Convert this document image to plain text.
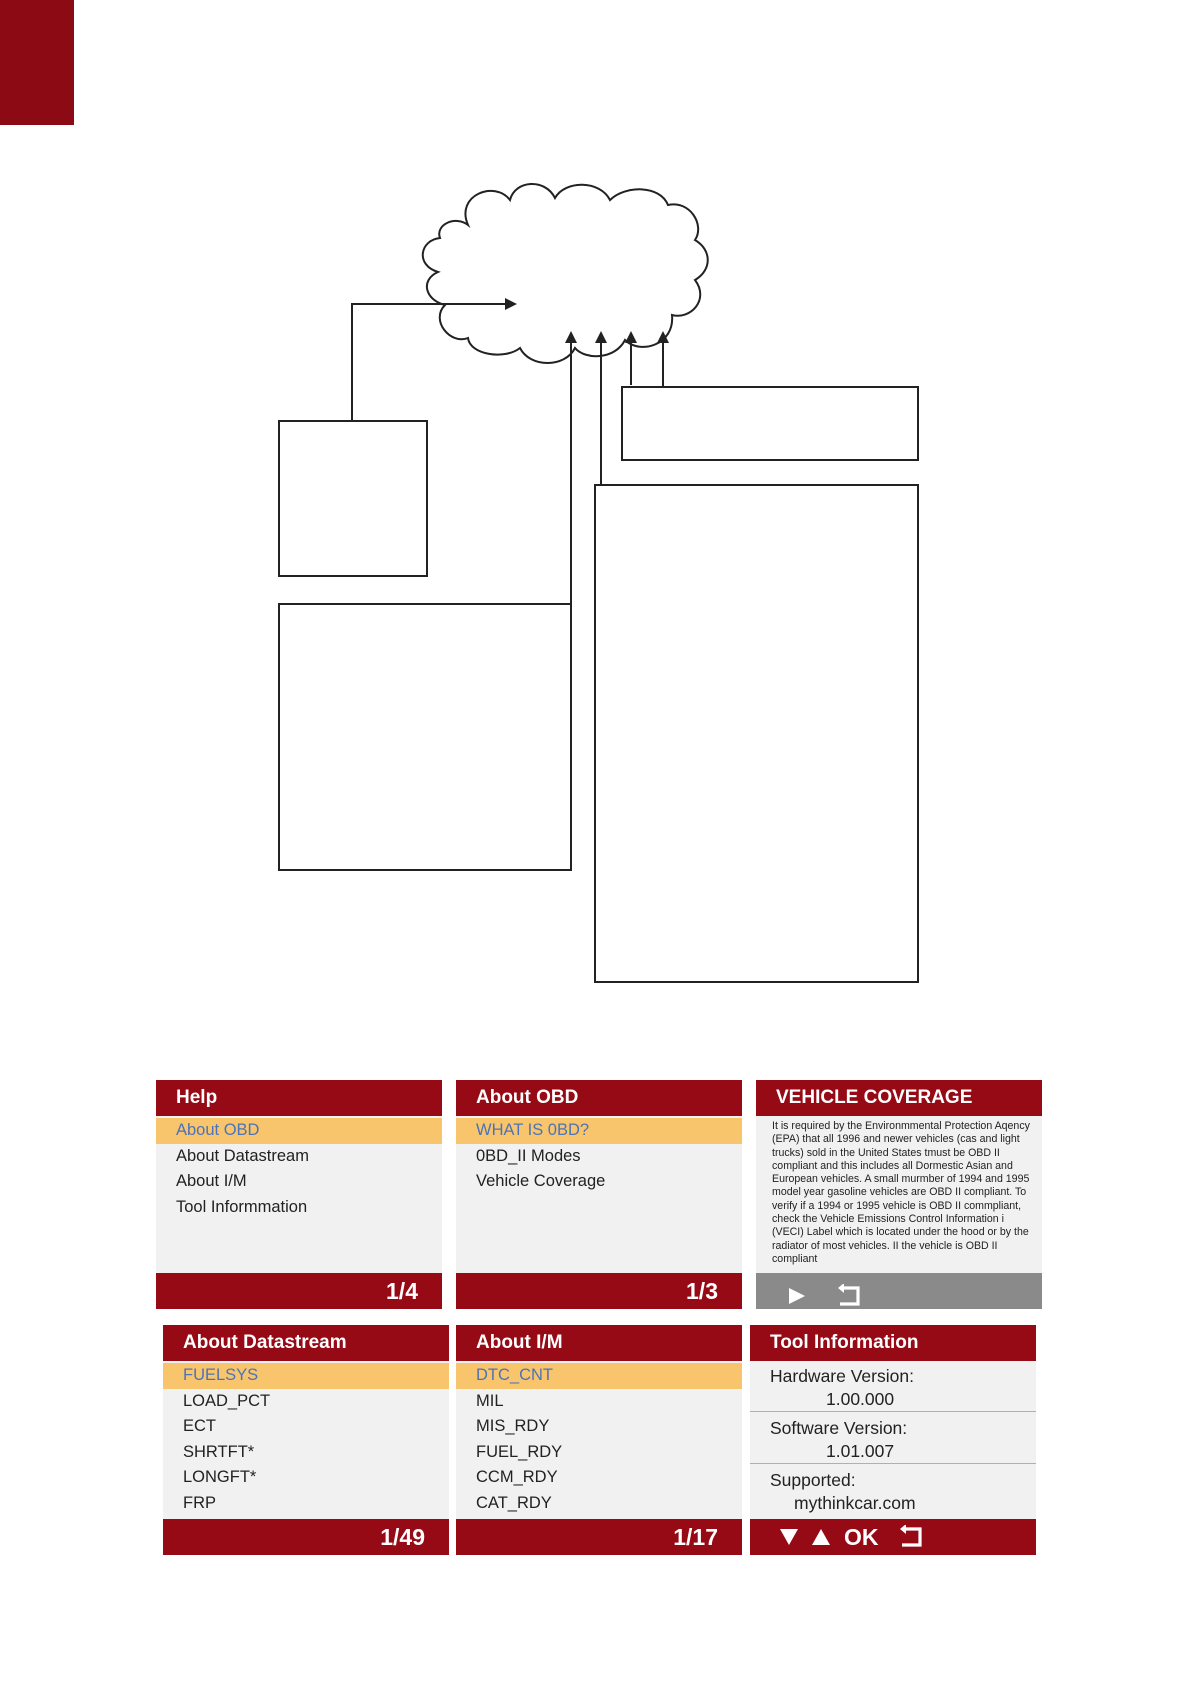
Help
About OBD
About Datastream
About I/M
Tool Informmation
1/4
About OBD
WHAT IS 0BD?
0BD_II Modes
Vehicle Coverage
1/3
VEHICLE COVERAGE

It is required by the Environmmental Protection Aqency (EPA) that all 1996 and newer vehicles (cas and light trucks) sold in the United States tmust be OBD II compliant and this includes all Dormestic Asian and European vehicles. A small murmber of 1994 and 1995 model year gasoline vehicles are OBD II compliant. To verify if a 1994 or 1995 vehicle is OBD II commpliant, check the Vehicle Emissions Control Information i (VECI) Label which is located under the hood or by the radiator of most vehicles. II the vehicle is OBD II compliant

About Datastream
FUELSYS
LOAD_PCT
ECT
SHRTFT*
LONGFT*
FRP
1/49
About I/M
DTC_CNT
MIL
MIS_RDY
FUEL_RDY
CCM_RDY
CAT_RDY
1/17
Tool Information
Hardware Version:
1.00.000
Software Version:
1.01.007
Supported:
mythinkcar.com
OK
